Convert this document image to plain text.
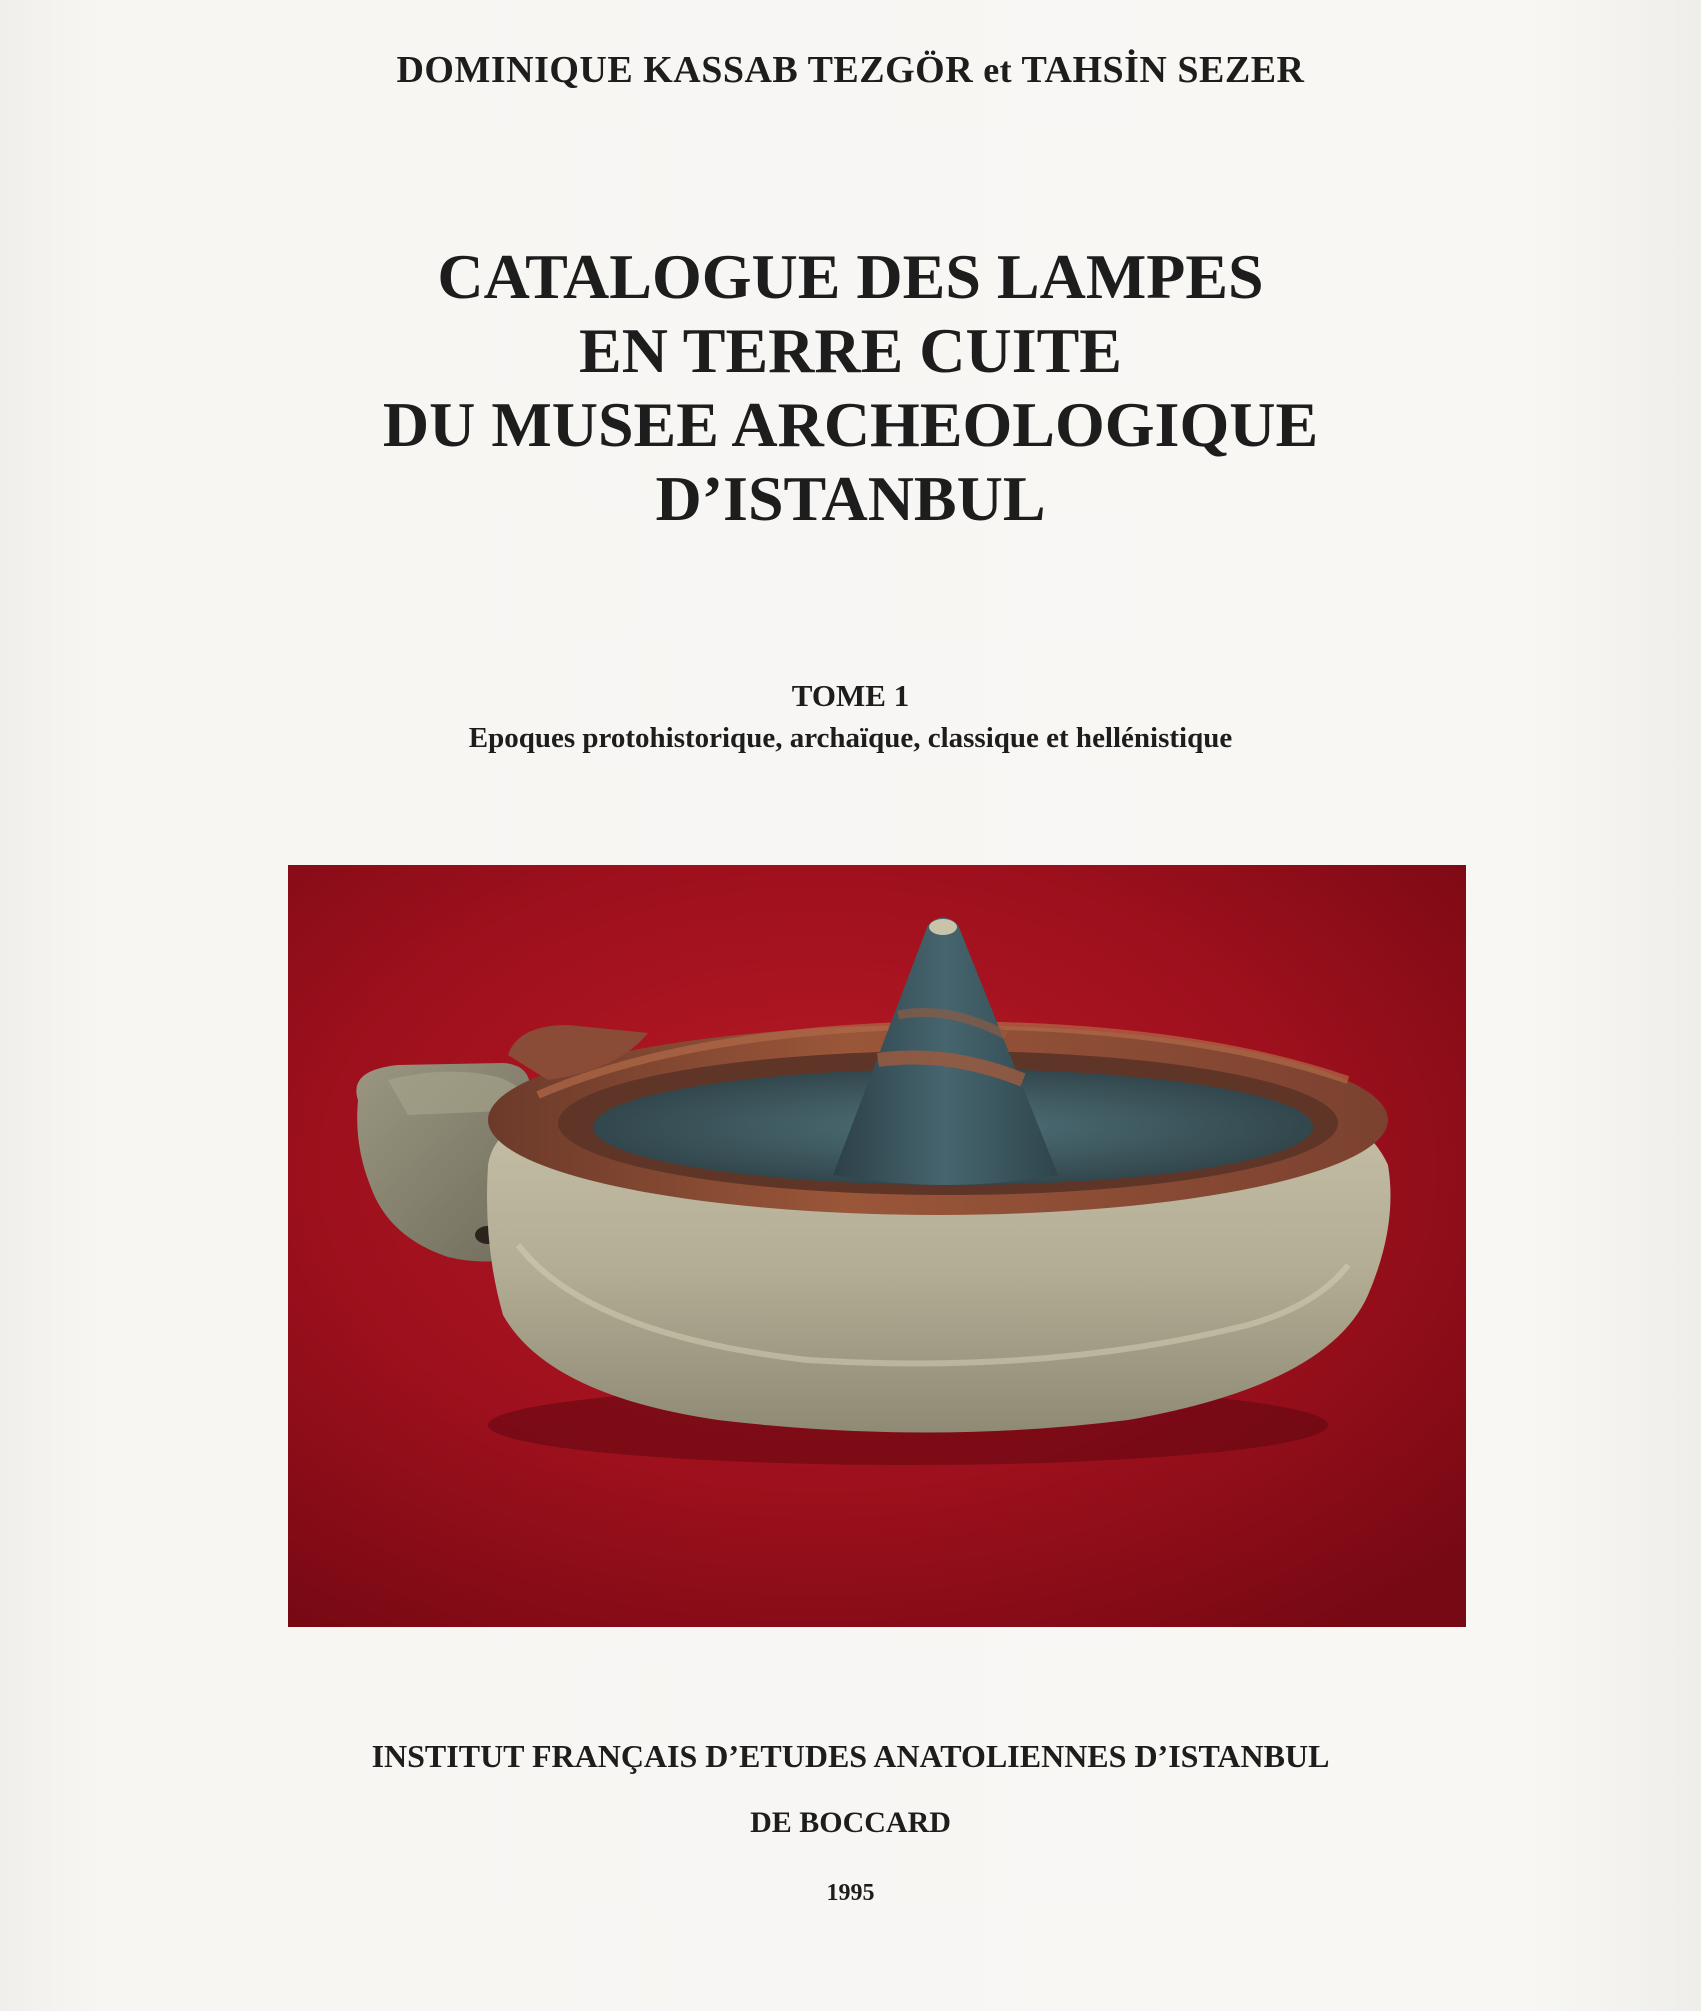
DOMINIQUE KASSAB TEZGÖR et TAHSİN SEZER
CATALOGUE DES LAMPES
EN TERRE CUITE
DU MUSEE ARCHEOLOGIQUE
D’ISTANBUL
TOME 1
Epoques protohistorique, archaïque, classique et hellénistique
INSTITUT FRANÇAIS D’ETUDES ANATOLIENNES D’ISTANBUL
DE BOCCARD
1995
